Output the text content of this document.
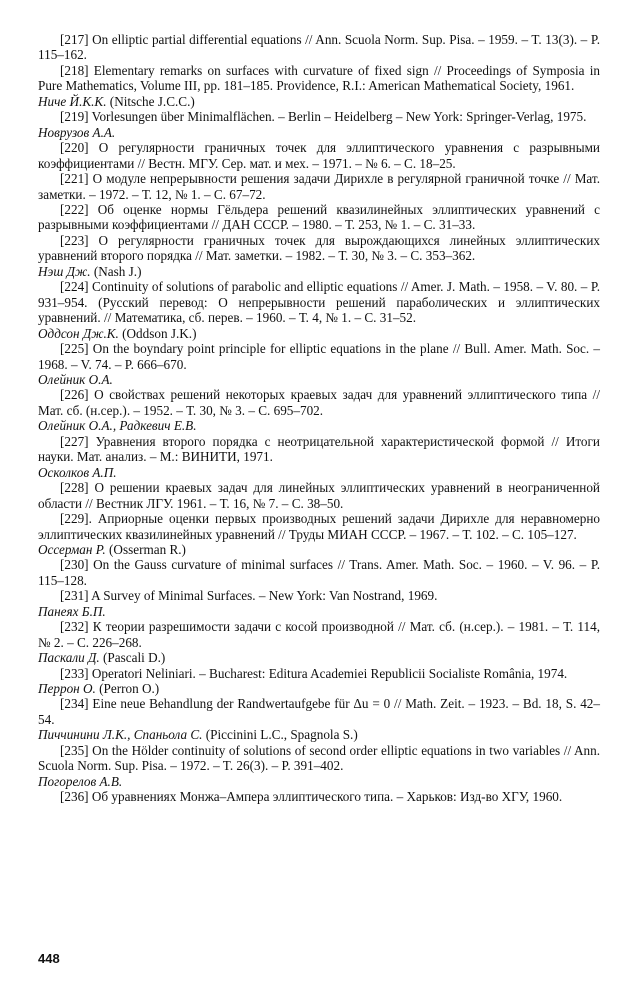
[217] On elliptic partial differential equations // Ann. Scuola Norm. Sup. Pisa. – 1959. – T. 13(3). – P. 115–162.

[218] Elementary remarks on surfaces with curvature of fixed sign // Proceedings of Symposia in Pure Mathematics, Volume III, pp. 181–185. Providence, R.I.: American Mathematical Society, 1961.

Ниче Й.К.К. (Nitsche J.C.C.)

[219] Vorlesungen über Minimalflächen. – Berlin – Heidelberg – New York: Springer-Verlag, 1975.

Новрузов А.А.

[220] О регулярности граничных точек для эллиптического уравнения с разрывными коэффициентами // Вестн. МГУ. Сер. мат. и мех. – 1971. – № 6. – С. 18–25.

[221] О модуле непрерывности решения задачи Дирихле в регулярной граничной точке // Мат. заметки. – 1972. – Т. 12, № 1. – С. 67–72.

[222] Об оценке нормы Гёльдера решений квазилинейных эллиптических уравнений с разрывными коэффициентами // ДАН СССР. – 1980. – Т. 253, № 1. – С. 31–33.

[223] О регулярности граничных точек для вырождающихся линейных эллиптических уравнений второго порядка // Мат. заметки. – 1982. – Т. 30, № 3. – С. 353–362.

Нэш Дж. (Nash J.)

[224] Continuity of solutions of parabolic and elliptic equations // Amer. J. Math. – 1958. – V. 80. – P. 931–954. (Русский перевод: О непрерывности решений параболических и эллиптических уравнений. // Математика, сб. перев. – 1960. – Т. 4, № 1. – С. 31–52.

Оддсон Дж.К. (Oddson J.K.)

[225] On the boyndary point principle for elliptic equations in the plane // Bull. Amer. Math. Soc. – 1968. – V. 74. – P. 666–670.

Олейник О.А.

[226] О свойствах решений некоторых краевых задач для уравнений эллиптического типа // Мат. сб. (н.сер.). – 1952. – Т. 30, № 3. – С. 695–702.

Олейник О.А., Радкевич Е.В.

[227] Уравнения второго порядка с неотрицательной характеристической формой // Итоги науки. Мат. анализ. – М.: ВИНИТИ, 1971.

Осколков А.П.

[228] О решении краевых задач для линейных эллиптических уравнений в неограниченной области // Вестник ЛГУ. 1961. – Т. 16, № 7. – С. 38–50.

[229]. Априорные оценки первых производных решений задачи Дирихле для неравномерно эллиптических квазилинейных уравнений // Труды МИАН СССР. – 1967. – Т. 102. – С. 105–127.

Оссерман Р. (Osserman R.)

[230] On the Gauss curvature of minimal surfaces // Trans. Amer. Math. Soc. – 1960. – V. 96. – P. 115–128.

[231] A Survey of Minimal Surfaces. – New York: Van Nostrand, 1969.

Панеях Б.П.

[232] К теории разрешимости задачи с косой производной // Мат. сб. (н.сер.). – 1981. – Т. 114, № 2. – С. 226–268.

Паскали Д. (Pascali D.)

[233] Operatori Neliniari. – Bucharest: Editura Academiei Republicii Socialiste România, 1974.

Перрон О. (Perron O.)

[234] Eine neue Behandlung der Randwertaufgebe für Δu = 0 // Math. Zeit. – 1923. – Bd. 18, S. 42–54.

Пиччинини Л.К., Спаньола С. (Piccinini L.C., Spagnola S.)

[235] On the Hölder continuity of solutions of second order elliptic equations in two variables // Ann. Scuola Norm. Sup. Pisa. – 1972. – T. 26(3). – P. 391–402.

Погорелов А.В.

[236] Об уравнениях Монжа–Ампера эллиптического типа. – Харьков: Изд-во ХГУ, 1960.

448
